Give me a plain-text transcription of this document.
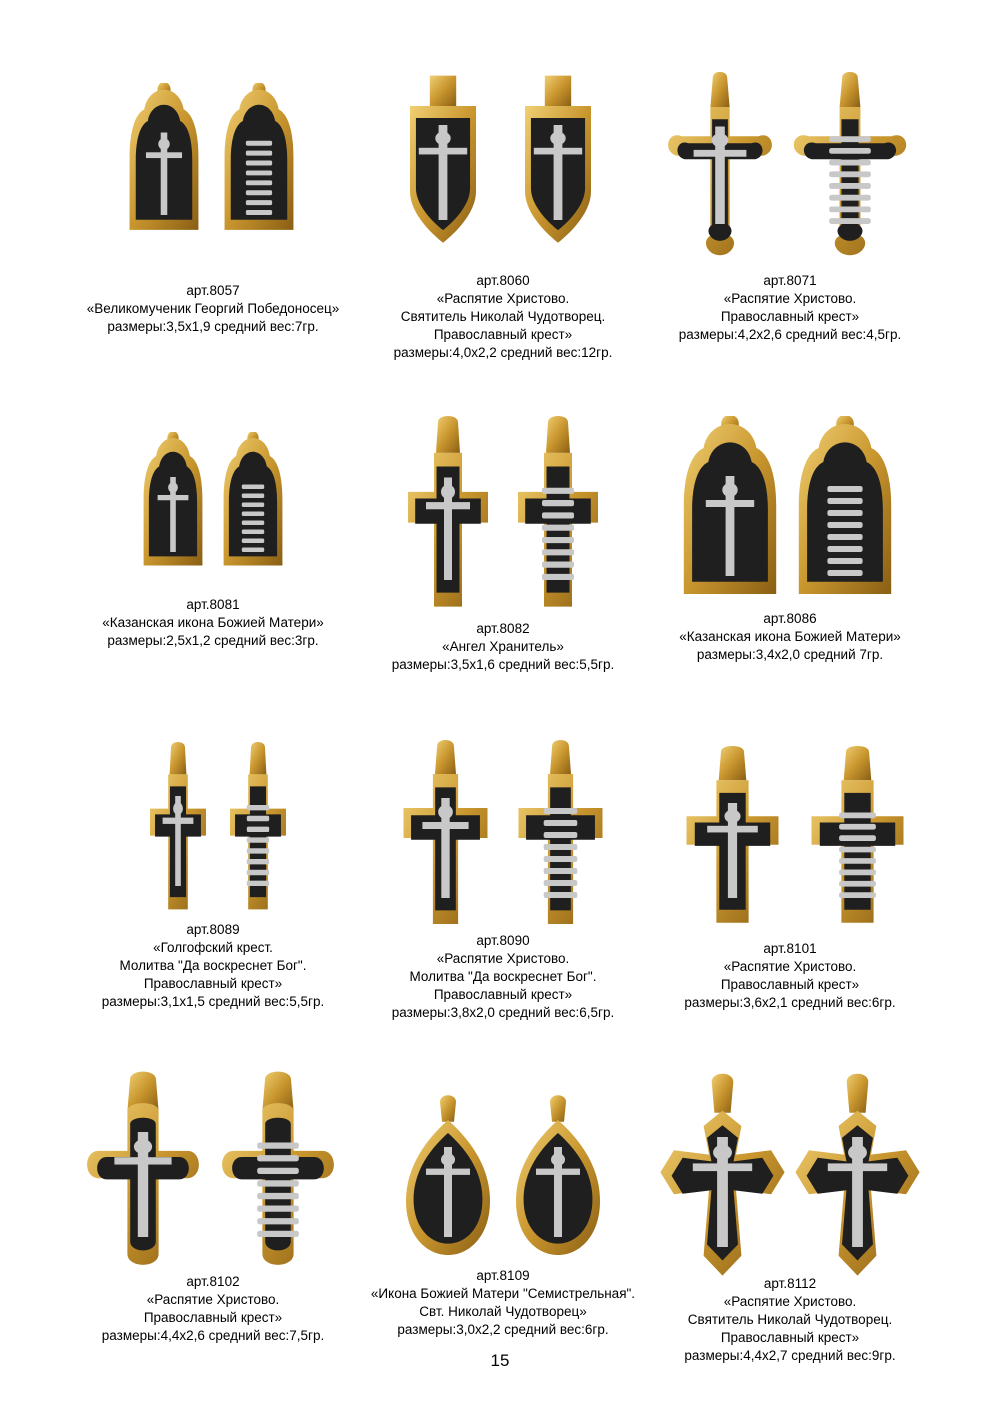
арт.8057
«Великомученик Георгий Победоносец»
размеры:3,5х1,9 средний вес:7гр.
арт.8060
«Распятие Христово.
Святитель Николай Чудотворец.
Православный крест»
размеры:4,0х2,2 средний вес:12гр.
арт.8071
«Распятие Христово.
Православный крест»
размеры:4,2х2,6 средний вес:4,5гр.
арт.8081
«Казанская икона Божией Матери»
размеры:2,5х1,2 средний вес:3гр.
арт.8082
«Ангел Хранитель»
размеры:3,5х1,6 средний вес:5,5гр.
арт.8086
«Казанская икона Божией Матери»
размеры:3,4х2,0 средний 7гр.
арт.8089
«Голгофский крест.
Молитва "Да воскреснет Бог".
Православный крест»
размеры:3,1х1,5 средний вес:5,5гр.
арт.8090
«Распятие Христово.
Молитва "Да воскреснет Бог".
Православный крест»
размеры:3,8х2,0 средний вес:6,5гр.
арт.8101
«Распятие Христово.
Православный крест»
размеры:3,6х2,1 средний вес:6гр.
арт.8102
«Распятие Христово.
Православный крест»
размеры:4,4х2,6 средний вес:7,5гр.
арт.8109
«Икона Божией Матери "Семистрельная".
Свт. Николай Чудотворец»
размеры:3,0х2,2 средний вес:6гр.
арт.8112
«Распятие Христово.
Святитель Николай Чудотворец.
Православный крест»
размеры:4,4х2,7 средний вес:9гр.
15
